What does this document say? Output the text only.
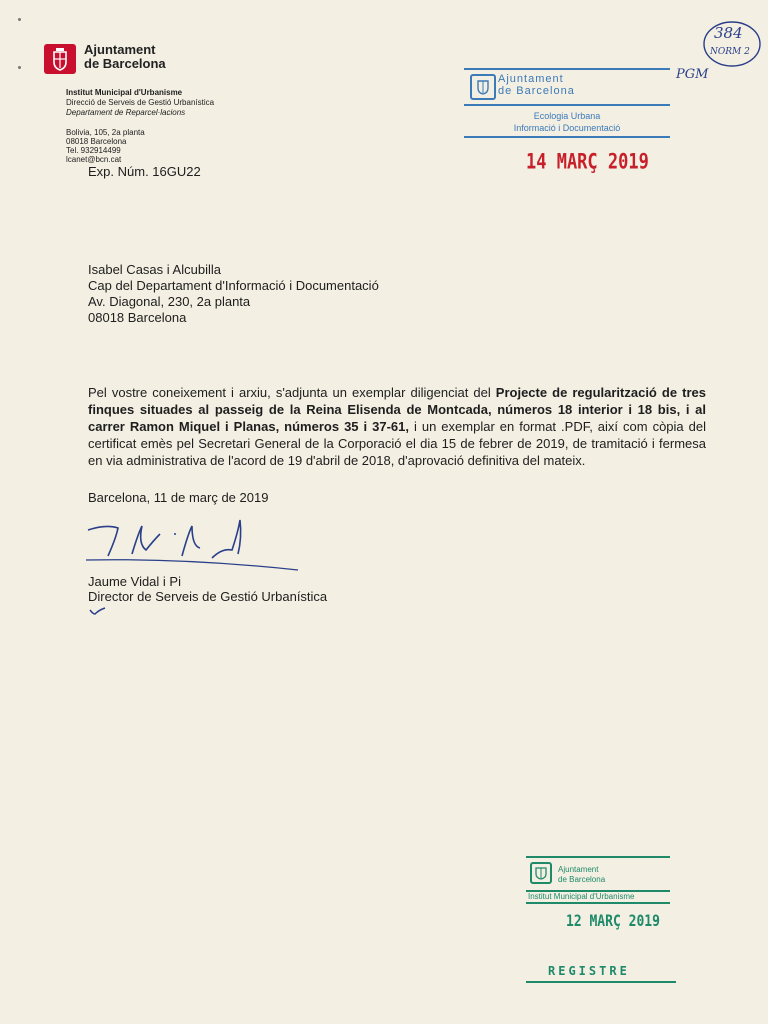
Ajuntament
de Barcelona
Institut Municipal d'Urbanisme
Direcció de Serveis de Gestió Urbanística
Departament de Reparcel·lacions
Bolivia, 105, 2a planta
08018 Barcelona
Tel. 932914499
lcanet@bcn.cat
Exp. Núm. 16GU22
Ajuntament
de Barcelona
Ecologia Urbana
Informació i Documentació
14 MARÇ 2019
384
NORM 2
PGM
Isabel Casas i Alcubilla
Cap del Departament d'Informació i Documentació
Av. Diagonal, 230, 2a planta
08018 Barcelona
Pel vostre coneixement i arxiu, s'adjunta un exemplar diligenciat del Projecte de regularització de tres finques situades al passeig de la Reina Elisenda de Montcada, números 18 interior i 18 bis, i al carrer Ramon Miquel i Planas, números 35 i 37-61, i un exemplar en format .PDF, així com còpia del certificat emès pel Secretari General de la Corporació el dia 15 de febrer de 2019, de tramitació i fermesa en via administrativa de l'acord de 19 d'abril de 2018, d'aprovació definitiva del mateix.
Barcelona, 11 de març de 2019
Jaume Vidal i Pi
Director de Serveis de Gestió Urbanística
Ajuntament
de Barcelona
Institut Municipal d'Urbanisme
12 MARÇ 2019
REGISTRE
